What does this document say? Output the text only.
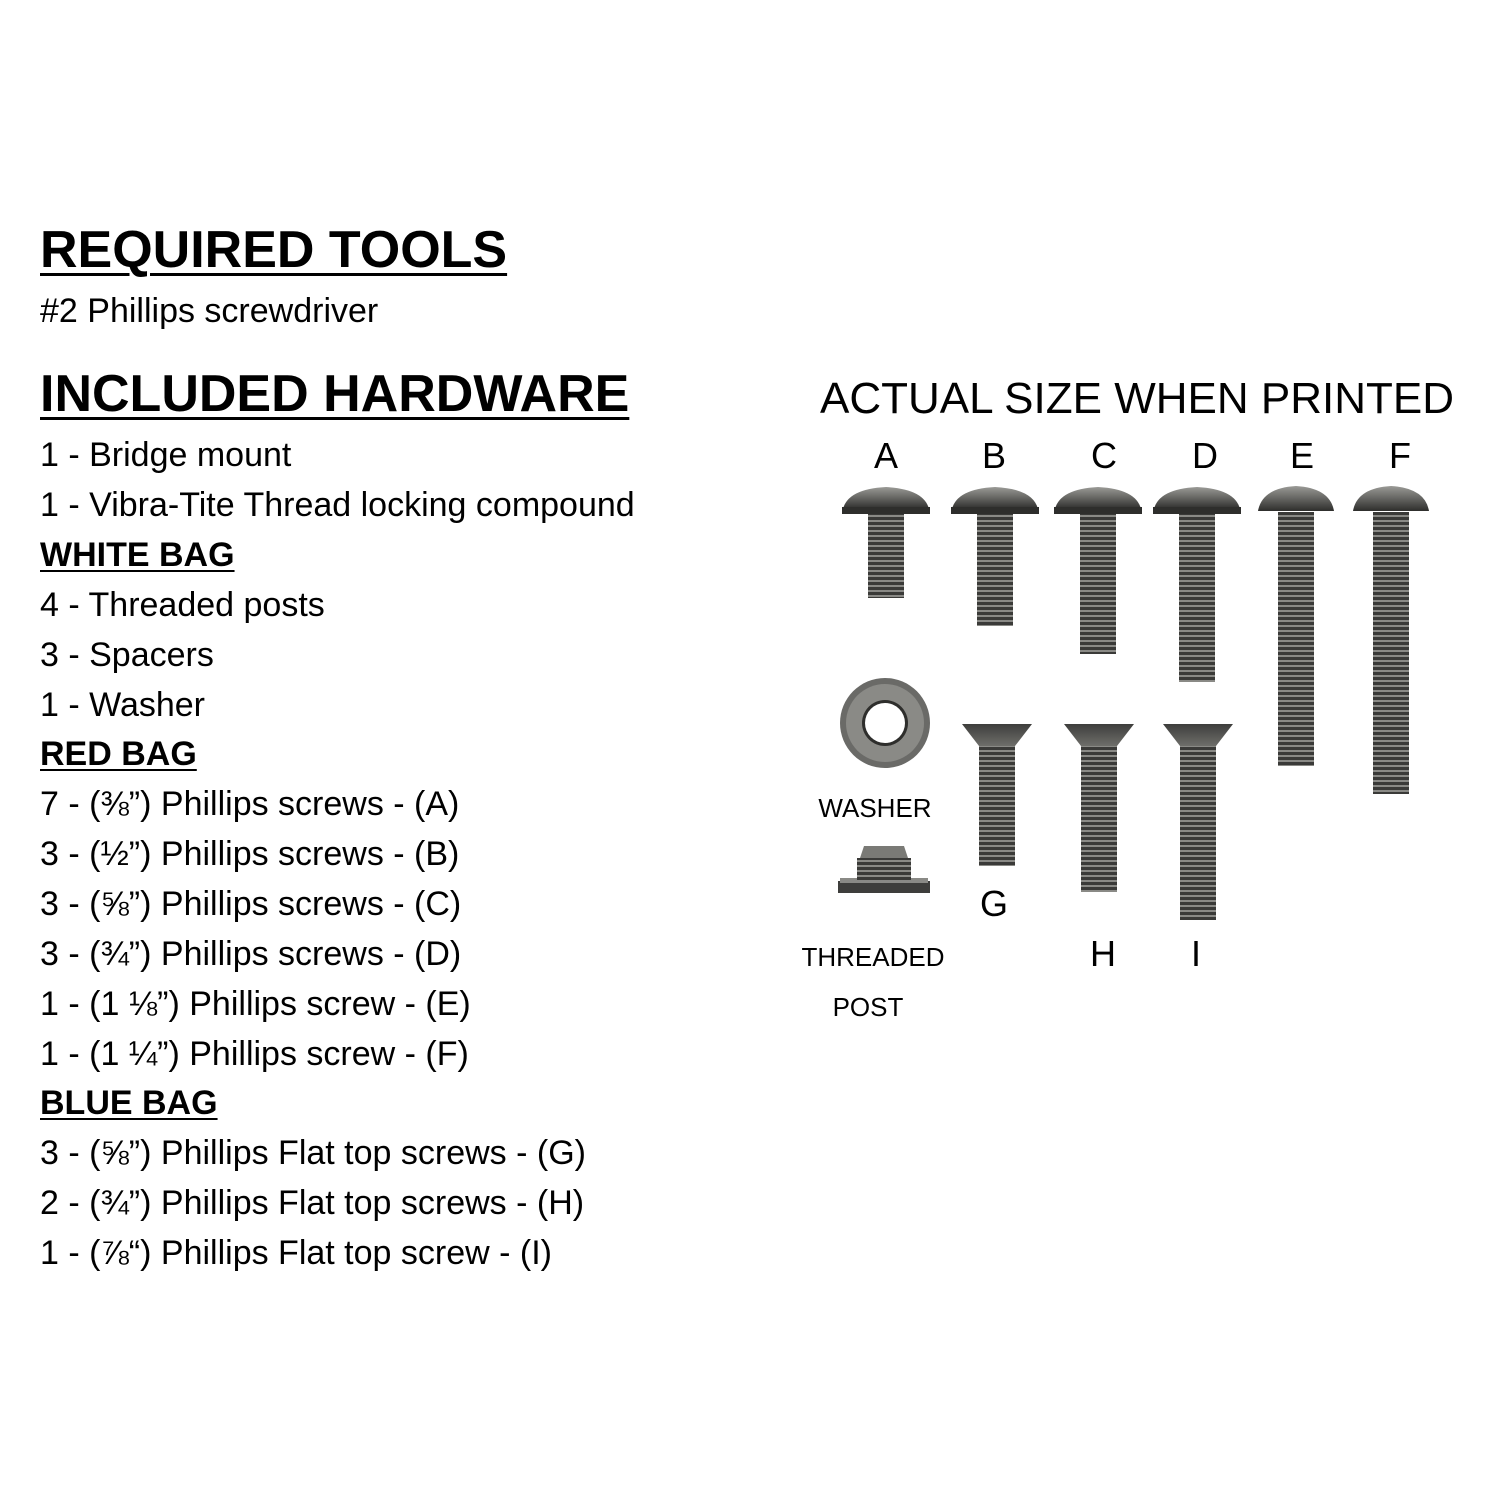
REQUIRED TOOLS
#2 Phillips screwdriver
INCLUDED HARDWARE
1 - Bridge mount
1 - Vibra-Tite Thread locking compound
WHITE BAG
4 - Threaded posts
3 - Spacers
1 - Washer
RED BAG
7 - (⅜”) Phillips screws - (A)
3 - (½”) Phillips screws - (B)
3 - (⅝”) Phillips screws - (C)
3 - (¾”) Phillips screws - (D)
1 - (1 ⅛”) Phillips screw - (E)
1 - (1 ¼”) Phillips screw - (F)
BLUE BAG
3 - (⅝”) Phillips Flat top screws - (G)
2 - (¾”) Phillips Flat top screws - (H)
1 - (⅞“) Phillips Flat top screw - (I)
ACTUAL SIZE WHEN PRINTED
A B C D E F
WASHER
G
H	I
THREADED
POST
